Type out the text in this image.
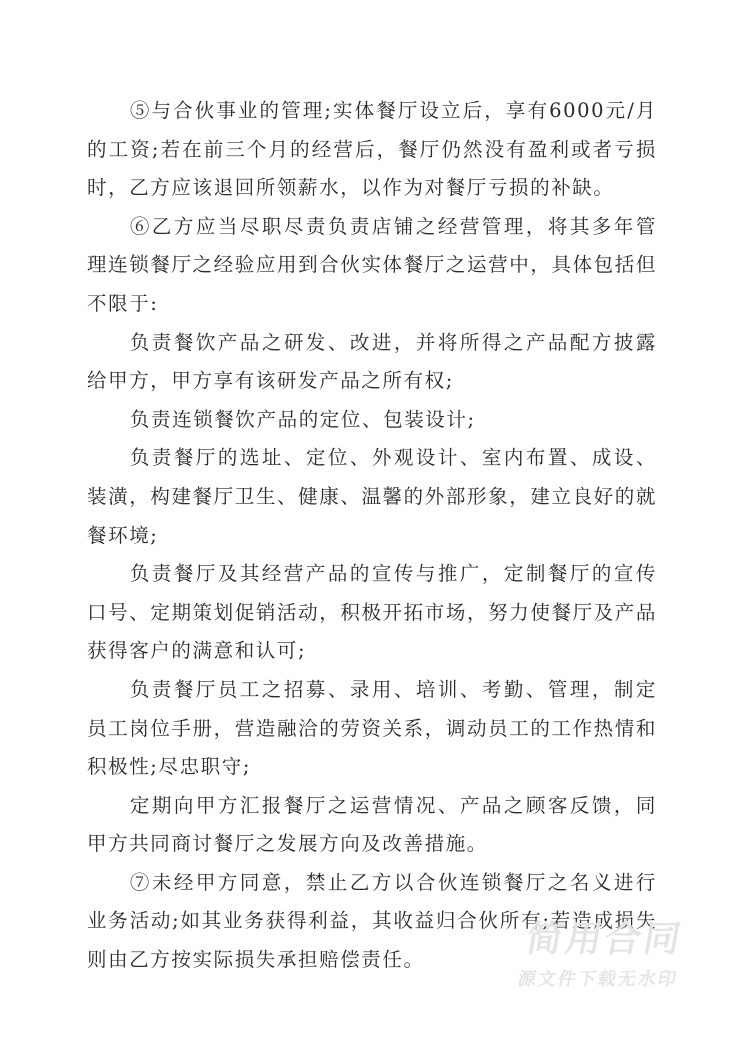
⑤与合伙事业的管理;实体餐厅设立后，享有6000元/月的工资;若在前三个月的经营后，餐厅仍然没有盈利或者亏损时，乙方应该退回所领薪水，以作为对餐厅亏损的补缺。

⑥乙方应当尽职尽责负责店铺之经营管理，将其多年管理连锁餐厅之经验应用到合伙实体餐厅之运营中，具体包括但不限于:

负责餐饮产品之研发、改进，并将所得之产品配方披露给甲方，甲方享有该研发产品之所有权;

负责连锁餐饮产品的定位、包装设计;

负责餐厅的选址、定位、外观设计、室内布置、成设、装潢，构建餐厅卫生、健康、温馨的外部形象，建立良好的就餐环境;

负责餐厅及其经营产品的宣传与推广，定制餐厅的宣传口号、定期策划促销活动，积极开拓市场，努力使餐厅及产品获得客户的满意和认可;

负责餐厅员工之招募、录用、培训、考勤、管理，制定员工岗位手册，营造融洽的劳资关系，调动员工的工作热情和积极性;尽忠职守;

定期向甲方汇报餐厅之运营情况、产品之顾客反馈，同甲方共同商讨餐厅之发展方向及改善措施。

⑦未经甲方同意，禁止乙方以合伙连锁餐厅之名义进行业务活动;如其业务获得利益，其收益归合伙所有;若造成损失则由乙方按实际损失承担赔偿责任。	简用合同
源文件下载无水印
